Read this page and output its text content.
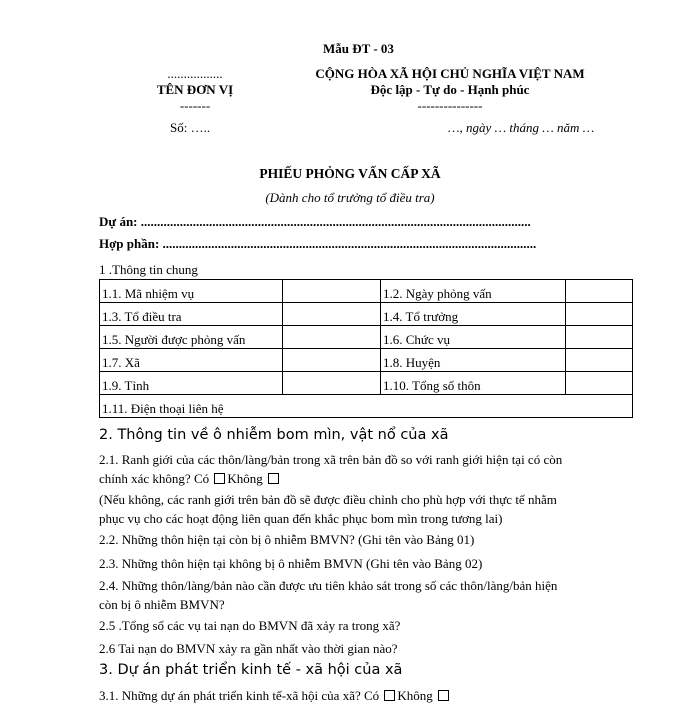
Mẫu ĐT - 03
.................
TÊN ĐƠN VỊ
-------
Số: …..
CỘNG HÒA XÃ HỘI CHỦ NGHĨA VIỆT NAM
Độc lập - Tự do - Hạnh phúc
---------------
…, ngày … tháng … năm …
PHIẾU PHỎNG VẤN CẤP XÃ
(Dành cho tổ trưởng tổ điều tra)
Dự án: ........................................................................................................................
Hợp phần: ...................................................................................................................
1 .Thông tin chung
1.1. Mã nhiệm vụ		1.2. Ngày phỏng vấn	
1.3. Tổ điều tra		1.4. Tổ trưởng	
1.5. Người được phỏng vấn		1.6. Chức vụ	
1.7. Xã		1.8. Huyện	
1.9. Tỉnh		1.10. Tổng số thôn	
1.11. Điện thoại liên hệ			
2. Thông tin về ô nhiễm bom mìn, vật nổ của xã
2.1. Ranh giới của các thôn/làng/bản trong xã trên bản đồ so với ranh giới hiện tại có còn
chính xác không? Có Không
(Nếu không, các ranh giới trên bản đồ sẽ được điều chỉnh cho phù hợp với thực tế nhằm
phục vụ cho các hoạt động liên quan đến khắc phục bom mìn trong tương lai)
2.2. Những thôn hiện tại còn bị ô nhiễm BMVN? (Ghi tên vào Bảng 01)
2.3. Những thôn hiện tại không bị ô nhiễm BMVN (Ghi tên vào Bảng 02)
2.4. Những thôn/làng/bản nào cần được ưu tiên khảo sát trong số các thôn/làng/bản hiện
còn bị ô nhiễm BMVN?
2.5 .Tổng số các vụ tai nạn do BMVN đã xảy ra trong xã?
2.6 Tai nạn do BMVN xảy ra gần nhất vào thời gian nào?
3. Dự án phát triển kinh tế - xã hội của xã
3.1. Những dự án phát triển kinh tế-xã hội của xã? Có Không
